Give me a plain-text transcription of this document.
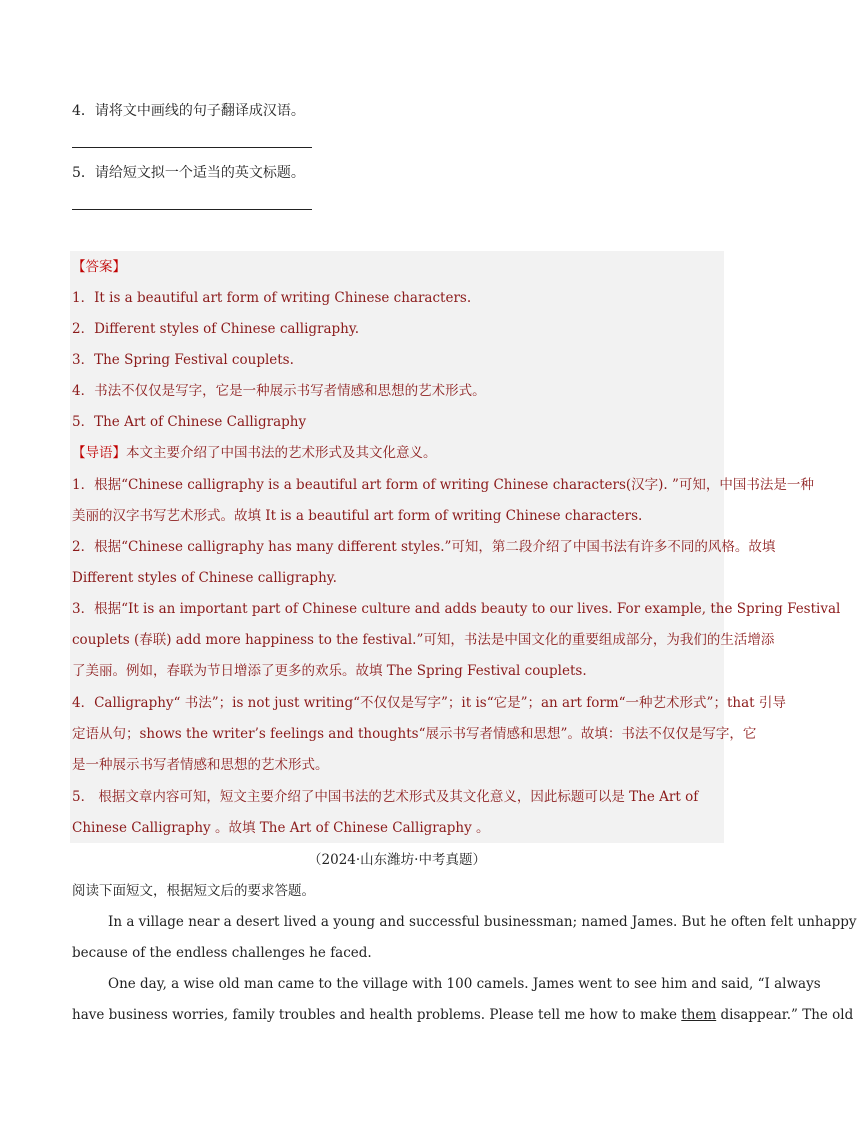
4．请将文中画线的句子翻译成汉语。
5．请给短文拟一个适当的英文标题。
【答案】
1．It is a beautiful art form of writing Chinese characters.
2．Different styles of Chinese calligraphy.
3．The Spring Festival couplets.
4．书法不仅仅是写字，它是一种展示书写者情感和思想的艺术形式。
5．The Art of Chinese Calligraphy
【导语】本文主要介绍了中国书法的艺术形式及其文化意义。
1．根据“Chinese calligraphy is a beautiful art form of writing Chinese characters(汉字). ”可知，中国书法是一种
美丽的汉字书写艺术形式。故填 It is a beautiful art form of writing Chinese characters.
2．根据“Chinese calligraphy has many different styles.”可知，第二段介绍了中国书法有许多不同的风格。故填
Different styles of Chinese calligraphy.
3．根据“It is an important part of Chinese culture and adds beauty to our lives. For example, the Spring Festival
couplets (春联) add more happiness to the festival.”可知，书法是中国文化的重要组成部分，为我们的生活增添
了美丽。例如，春联为节日增添了更多的欢乐。故填 The Spring Festival couplets.
4．Calligraphy“ 书法”；is not just writing“不仅仅是写字”；it is“它是”；an art form“一种艺术形式”；that 引导
定语从句；shows the writer’s feelings and thoughts“展示书写者情感和思想”。故填：书法不仅仅是写字，它
是一种展示书写者情感和思想的艺术形式。
5． 根据文章内容可知，短文主要介绍了中国书法的艺术形式及其文化意义，因此标题可以是 The Art of
Chinese Calligraphy 。故填 The Art of Chinese Calligraphy 。
（2024·山东潍坊·中考真题）
阅读下面短文，根据短文后的要求答题。
In a village near a desert lived a young and successful businessman; named James. But he often felt unhappy
because of the endless challenges he faced.
One day, a wise old man came to the village with 100 camels. James went to see him and said, “I always
have business worries, family troubles and health problems. Please tell me how to make them disappear.” The old
